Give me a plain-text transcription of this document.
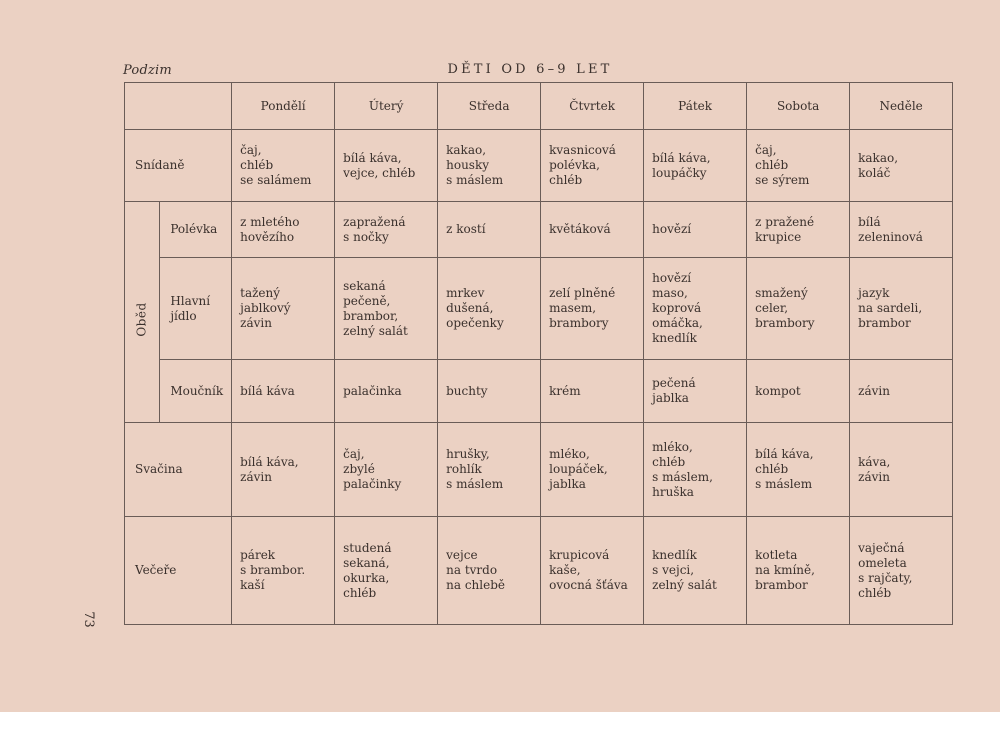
Podzim	DĚTI OD 6–9 LET
73
		Pondělí	Úterý	Středa	Čtvrtek	Pátek	Sobota	Neděle
Snídaně		čaj,
chléb
se salámem	bílá káva,
vejce, chléb	kakao,
housky
s máslem	kvasnicová
polévka,
chléb	bílá káva,
loupáčky	čaj,
chléb
se sýrem	kakao,
koláč

Oběd	Polévka	z mletého
hovězího	zapražená
s nočky	z kostí	květáková	hovězí	z pražené
krupice	bílá
zeleninová
	Hlavní
jídlo	tažený
jablkový
závin	sekaná
pečeně,
brambor,
zelný salát	mrkev
dušená,
opečenky	zelí plněné
masem,
brambory	hovězí
maso,
koprová
omáčka,
knedlík	smažený
celer,
brambory	jazyk
na sardeli,
brambor
	Moučník	bílá káva	palačinka	buchty	krém	pečená
jablka	kompot	závin
Svačina		bílá káva,
závin	čaj,
zbylé
palačinky	hrušky,
rohlík
s máslem	mléko,
loupáček,
jablka	mléko,
chléb
s máslem,
hruška	bílá káva,
chléb
s máslem	káva,
závin
Večeře		párek
s brambor.
kaší	studená
sekaná,
okurka,
chléb	vejce
na tvrdo
na chlebě	krupicová
kaše,
ovocná šťáva	knedlík
s vejci,
zelný salát	kotleta
na kmíně,
brambor	vaječná
omeleta
s rajčaty,
chléb
